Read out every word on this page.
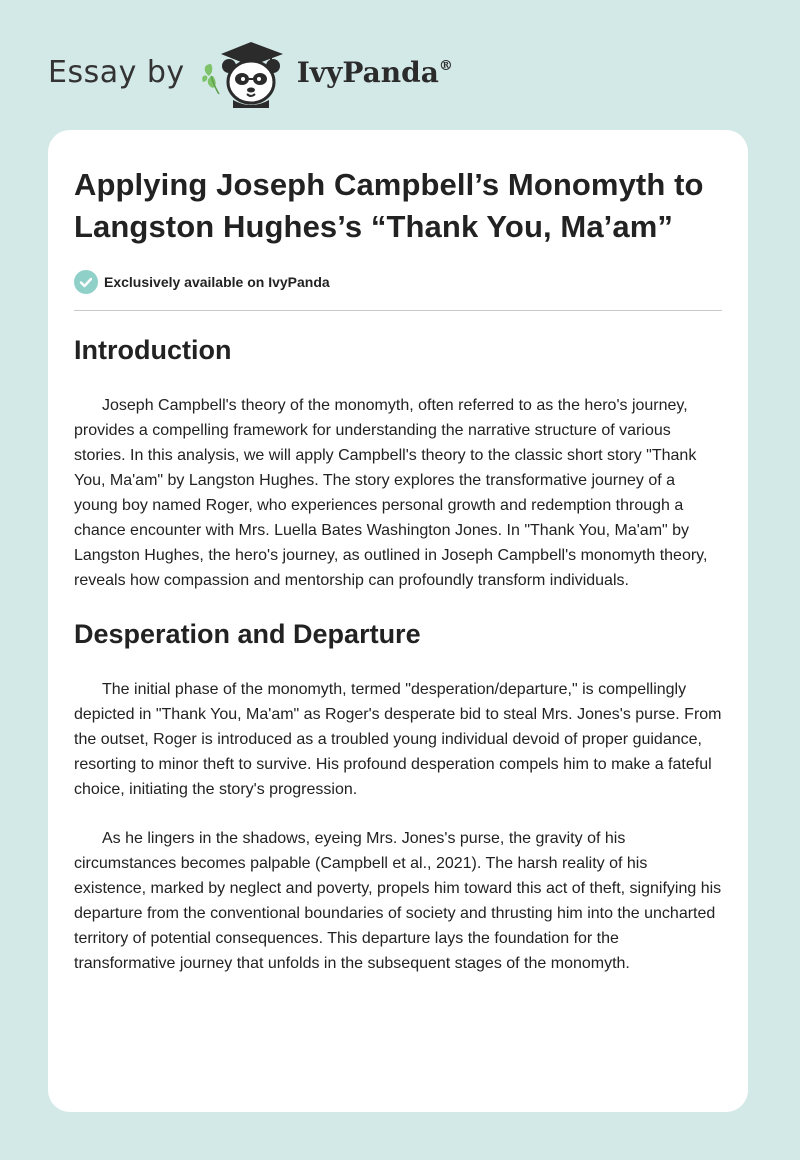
Essay by	IvyPanda®
Applying Joseph Campbell’s Monomyth to Langston Hughes’s “Thank You, Ma’am”
Exclusively available on IvyPanda
Introduction

Joseph Campbell's theory of the monomyth, often referred to as the hero's journey, provides a compelling framework for understanding the narrative structure of various stories. In this analysis, we will apply Campbell's theory to the classic short story "Thank You, Ma'am" by Langston Hughes. The story explores the transformative journey of a young boy named Roger, who experiences personal growth and redemption through a chance encounter with Mrs. Luella Bates Washington Jones. In "Thank You, Ma'am" by Langston Hughes, the hero's journey, as outlined in Joseph Campbell's monomyth theory, reveals how compassion and mentorship can profoundly transform individuals.

Desperation and Departure

The initial phase of the monomyth, termed "desperation/departure," is compellingly depicted in "Thank You, Ma'am" as Roger's desperate bid to steal Mrs. Jones's purse. From the outset, Roger is introduced as a troubled young individual devoid of proper guidance, resorting to minor theft to survive. His profound desperation compels him to make a fateful choice, initiating the story's progression.

As he lingers in the shadows, eyeing Mrs. Jones's purse, the gravity of his circumstances becomes palpable (Campbell et al., 2021). The harsh reality of his existence, marked by neglect and poverty, propels him toward this act of theft, signifying his departure from the conventional boundaries of society and thrusting him into the uncharted territory of potential consequences. This departure lays the foundation for the transformative journey that unfolds in the subsequent stages of the monomyth.
